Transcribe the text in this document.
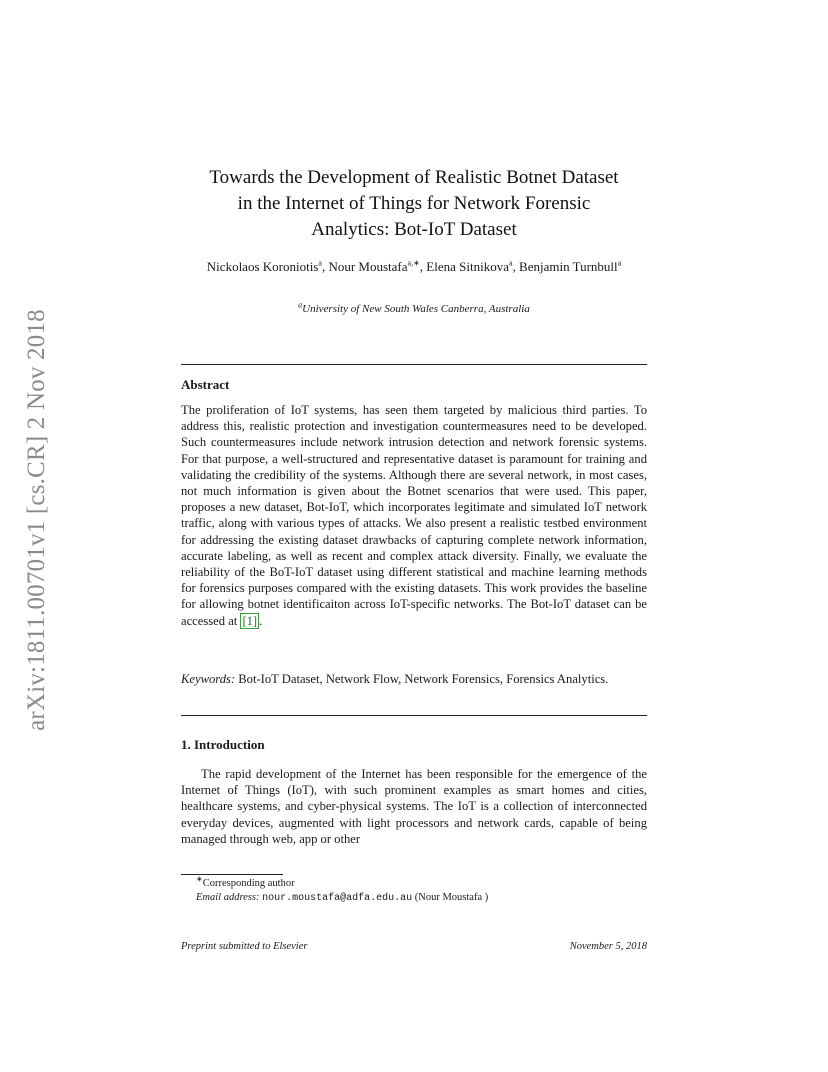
arXiv:1811.00701v1 [cs.CR] 2 Nov 2018
Towards the Development of Realistic Botnet Dataset
in the Internet of Things for Network Forensic
Analytics: Bot-IoT Dataset
Nickolaos Koroniotis$^a$, Nour Moustafa$^{a,∗}$, Elena Sitnikova$^a$, Benjamin Turnbull$^a$
$^a$University of New South Wales Canberra, Australia
Abstract
The proliferation of IoT systems, has seen them targeted by malicious third parties. To address this, realistic protection and investigation countermeasures need to be developed. Such countermeasures include network intrusion detection and network forensic systems. For that purpose, a well-structured and representative dataset is paramount for training and validating the credibility of the systems. Although there are several network, in most cases, not much information is given about the Botnet scenarios that were used. This paper, proposes a new dataset, Bot-IoT, which incorporates legitimate and simulated IoT network traffic, along with various types of attacks. We also present a realistic testbed environment for addressing the existing dataset drawbacks of capturing complete network information, accurate labeling, as well as recent and complex attack diversity. Finally, we evaluate the reliability of the BoT-IoT dataset using different statistical and machine learning methods for forensics purposes compared with the existing datasets. This work provides the baseline for allowing botnet identificaiton across IoT-specific networks. The Bot-IoT dataset can be accessed at [1] .
Keywords: Bot-IoT Dataset, Network Flow, Network Forensics, Forensics Analytics.
1. Introduction
The rapid development of the Internet has been responsible for the emergence of the Internet of Things (IoT), with such prominent examples as smart homes and cities, healthcare systems, and cyber-physical systems. The IoT is a collection of interconnected everyday devices, augmented with light processors and network cards, capable of being managed through web, app or other
∗Corresponding author
Email address: nour.moustafa@adfa.edu.au (Nour Moustafa )
Preprint submitted to Elsevier	November 5, 2018
